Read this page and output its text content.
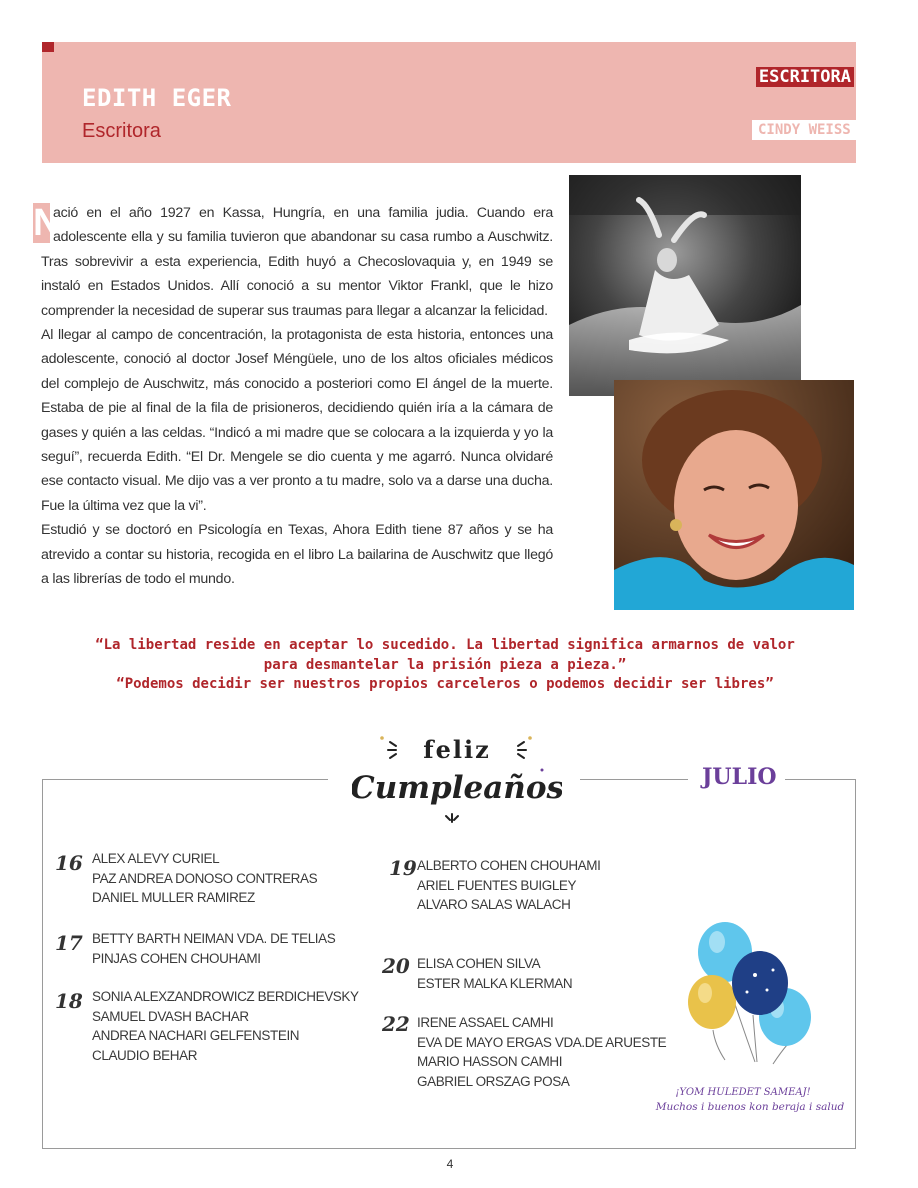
EDITH EGER
Escritora
ESCRITORA
CINDY WEISS

N
ació en el año 1927 en Kassa, Hungría, en una familia judia. Cuando era adolescente ella y su familia tuvieron que abandonar su casa rumbo a Auschwitz. Tras sobrevivir a esta experiencia, Edith huyó a Checoslovaquia y, en 1949 se instaló en Estados Unidos. Allí conoció a su mentor Viktor Frankl, que le hizo comprender la necesidad de superar sus traumas para llegar a alcanzar la felicidad.

Al llegar al campo de concentración, la protagonista de esta historia, entonces una adolescente, conoció al doctor Josef Méngüele, uno de los altos oficiales médicos del complejo de Auschwitz, más conocido a posteriori como El ángel de la muerte. Estaba de pie al final de la fila de prisioneros, decidiendo quién iría a la cámara de gases y quién a las celdas. “Indicó a mi madre que se colocara a la izquierda y yo la seguí”, recuerda Edith. “El Dr. Mengele se dio cuenta y me agarró. Nunca olvidaré ese contacto visual. Me dijo vas a ver pronto a tu madre, solo va a darse una ducha. Fue la última vez que la vi”.

Estudió y se doctoró en Psicología en Texas, Ahora Edith tiene 87 años y se ha atrevido a contar su historia, recogida en el libro La bailarina de Auschwitz que llegó a las librerías de todo el mundo.

“La libertad reside en aceptar lo sucedido. La libertad significa armarnos de valor
para desmantelar la prisión pieza a pieza.”
“Podemos decidir ser nuestros propios carceleros o podemos decidir ser libres”
feliz
Cumpleaños	JULIO
16 ALEX ALEVY CURIEL
PAZ ANDREA DONOSO CONTRERAS
DANIEL MULLER RAMIREZ
17 BETTY BARTH NEIMAN VDA. DE TELIAS
PINJAS COHEN CHOUHAMI
18 SONIA ALEXZANDROWICZ BERDICHEVSKY
SAMUEL DVASH BACHAR
ANDREA NACHARI GELFENSTEIN
CLAUDIO BEHAR
19 ALBERTO COHEN CHOUHAMI
ARIEL FUENTES BUIGLEY
ALVARO SALAS WALACH
20 ELISA COHEN SILVA
ESTER MALKA KLERMAN
22 IRENE ASSAEL CAMHI
EVA DE MAYO ERGAS VDA.DE ARUESTE
MARIO HASSON CAMHI
GABRIEL ORSZAG POSA
¡YOM HULEDET SAMEAJ!
Muchos i buenos kon beraja i salud
4
